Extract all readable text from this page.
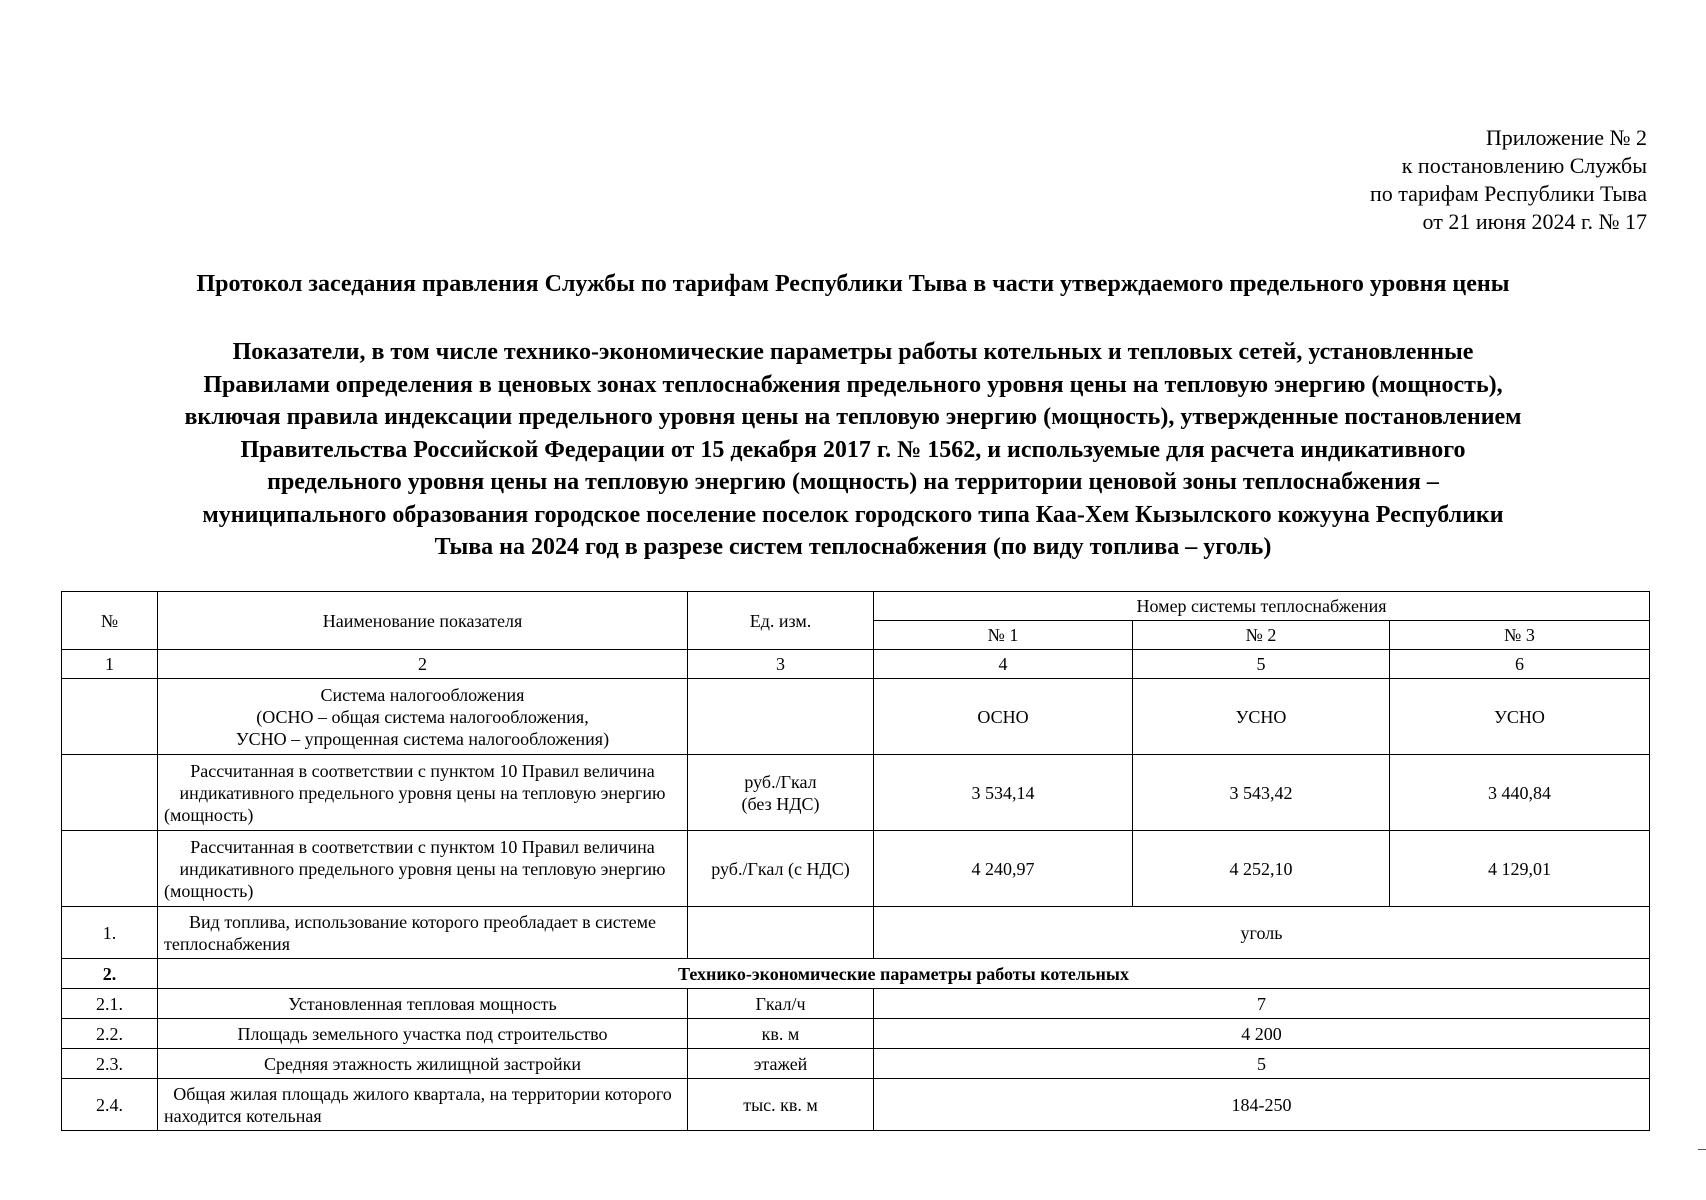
Приложение № 2
к постановлению Службы
по тарифам Республики Тыва
от 21 июня 2024 г. № 17
Протокол заседания правления Службы по тарифам Республики Тыва в части утверждаемого предельного уровня цены
Показатели, в том числе технико-экономические параметры работы котельных и тепловых сетей, установленные
Правилами определения в ценовых зонах теплоснабжения предельного уровня цены на тепловую энергию (мощность),
включая правила индексации предельного уровня цены на тепловую энергию (мощность), утвержденные постановлением
Правительства Российской Федерации от 15 декабря 2017 г. № 1562, и используемые для расчета индикативного
предельного уровня цены на тепловую энергию (мощность) на территории ценовой зоны теплоснабжения –
муниципального образования городское поселение поселок городского типа Каа-Хем Кызылского кожууна Республики
Тыва на 2024 год в разрезе систем теплоснабжения (по виду топлива – уголь)
№	Наименование показателя	Ед. изм.	Номер системы теплоснабжения		
			№ 1	№ 2	№ 3
1	2	3	4	5	6

	Система налогообложения
(ОСНО – общая система налогообложения,
УСНО – упрощенная система налогообложения)		ОСНО	УСНО	УСНО
	Рассчитанная в соответствии с пунктом 10 Правил величина индикативного предельного уровня цены на тепловую энергию (мощность)	руб./Гкал
(без НДС)	3 534,14	3 543,42	3 440,84
	Рассчитанная в соответствии с пунктом 10 Правил величина индикативного предельного уровня цены на тепловую энергию (мощность)	руб./Гкал (с НДС)	4 240,97	4 252,10	4 129,01
1.	Вид топлива, использование которого преобладает в системе теплоснабжения		уголь		
2.	Технико-экономические параметры работы котельных				
2.1.	Установленная тепловая мощность	Гкал/ч	7		
2.2.	Площадь земельного участка под строительство	кв. м	4 200		
2.3.	Средняя этажность жилищной застройки	этажей	5		
2.4.	Общая жилая площадь жилого квартала, на территории которого находится котельная	тыс. кв. м	184-250		
